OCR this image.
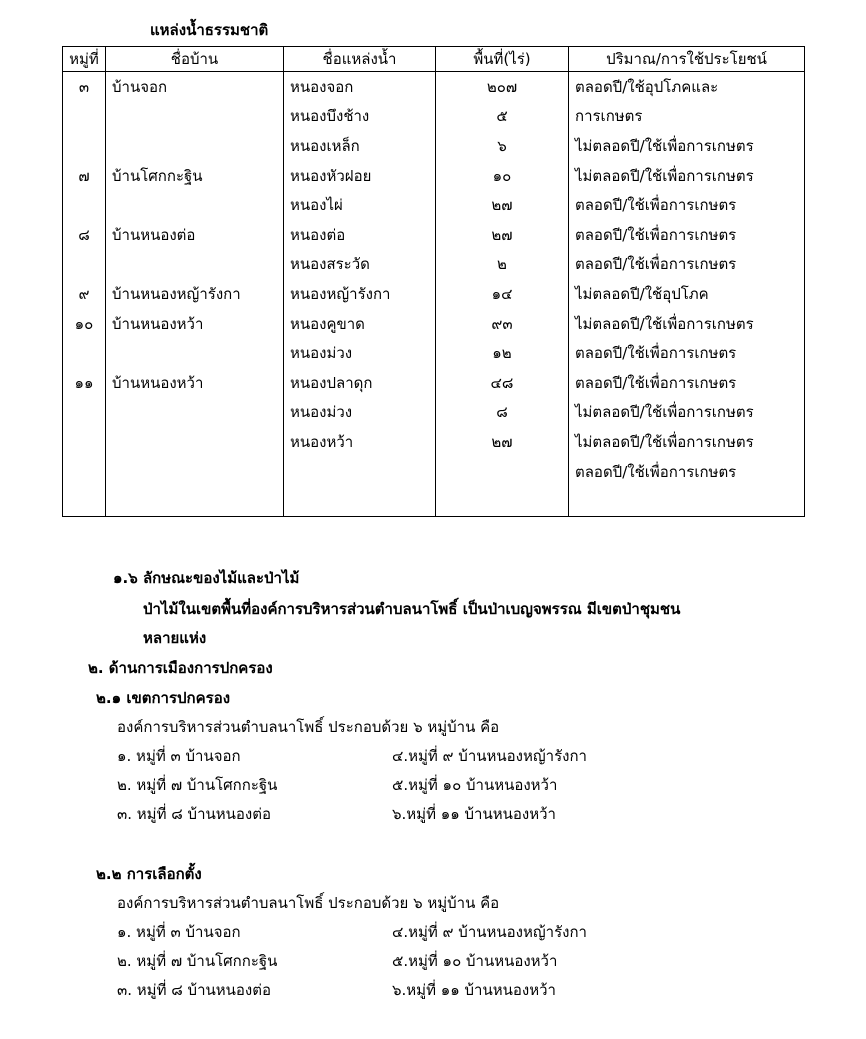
แหล่งน้ำธรรมชาติ
หมู่ที่	ชื่อบ้าน	ชื่อแหล่งน้ำ	พื้นที่(ไร่)	ปริมาณ/การใช้ประโยชน์
๓	บ้านจอก	หนองจอก	๒๐๗	ตลอดปี/ใช้อุปโภคและ
		หนองบึงช้าง	๕	การเกษตร
		หนองเหล็ก	๖	ไม่ตลอดปี/ใช้เพื่อการเกษตร
๗	บ้านโศกกะฐิน	หนองหัวฝอย	๑๐	ไม่ตลอดปี/ใช้เพื่อการเกษตร
		หนองไผ่	๒๗	ตลอดปี/ใช้เพื่อการเกษตร
๘	บ้านหนองต่อ	หนองต่อ	๒๗	ตลอดปี/ใช้เพื่อการเกษตร
		หนองสระวัด	๒	ตลอดปี/ใช้เพื่อการเกษตร
๙	บ้านหนองหญ้ารังกา	หนองหญ้ารังกา	๑๔	ไม่ตลอดปี/ใช้อุปโภค
๑๐	บ้านหนองหว้า	หนองคูขาด	๙๓	ไม่ตลอดปี/ใช้เพื่อการเกษตร
		หนองม่วง	๑๒	ตลอดปี/ใช้เพื่อการเกษตร
๑๑	บ้านหนองหว้า	หนองปลาดุก	๔๘	ตลอดปี/ใช้เพื่อการเกษตร
		หนองม่วง	๘	ไม่ตลอดปี/ใช้เพื่อการเกษตร
		หนองหว้า	๒๗	ไม่ตลอดปี/ใช้เพื่อการเกษตร
				ตลอดปี/ใช้เพื่อการเกษตร

๑.๖ ลักษณะของไม้และป่าไม้
ป่าไม้ในเขตพื้นที่องค์การบริหารส่วนตำบลนาโพธิ์ เป็นป่าเบญจพรรณ มีเขตป่าชุมชน
หลายแห่ง
๒. ด้านการเมืองการปกครอง
๒.๑ เขตการปกครอง
องค์การบริหารส่วนตำบลนาโพธิ์ ประกอบด้วย ๖ หมู่บ้าน คือ
๑. หมู่ที่ ๓ บ้านจอก	๔.หมู่ที่ ๙ บ้านหนองหญ้ารังกา
๒. หมู่ที่ ๗ บ้านโศกกะฐิน	๕.หมู่ที่ ๑๐ บ้านหนองหว้า
๓. หมู่ที่ ๘ บ้านหนองต่อ	๖.หมู่ที่ ๑๑ บ้านหนองหว้า
๒.๒ การเลือกตั้ง
องค์การบริหารส่วนตำบลนาโพธิ์ ประกอบด้วย ๖ หมู่บ้าน คือ
๑. หมู่ที่ ๓ บ้านจอก	๔.หมู่ที่ ๙ บ้านหนองหญ้ารังกา
๒. หมู่ที่ ๗ บ้านโศกกะฐิน	๕.หมู่ที่ ๑๐ บ้านหนองหว้า
๓. หมู่ที่ ๘ บ้านหนองต่อ	๖.หมู่ที่ ๑๑ บ้านหนองหว้า
